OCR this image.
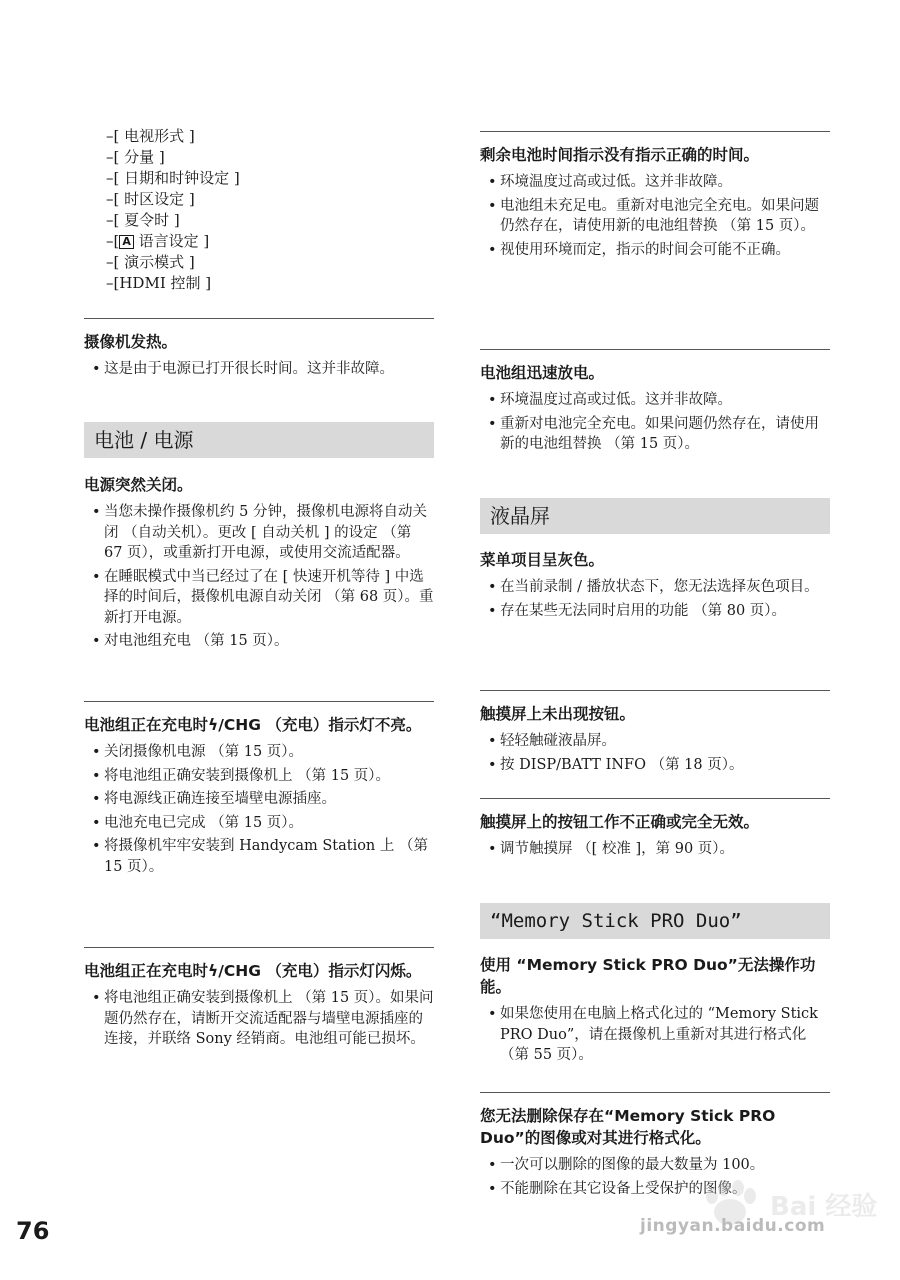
–[ 电视形式 ]
–[ 分量 ]
–[ 日期和时钟设定 ]
–[ 时区设定 ]
–[ 夏令时 ]
–[ A 语言设定 ]
–[ 演示模式 ]
–[HDMI 控制 ]

摄像机发热。

• 这是由于电源已打开很长时间。这并非故障。
电池 / 电源

电源突然关闭。

• 当您未操作摄像机约 5 分钟，摄像机电源将自动关闭 （自动关机）。更改 [ 自动关机 ] 的设定 （第 67 页），或重新打开电源，或使用交流适配器。
• 在睡眠模式中当已经过了在 [ 快速开机等待 ] 中选择的时间后，摄像机电源自动关闭 （第 68 页）。重新打开电源。
• 对电池组充电 （第 15 页）。

电池组正在充电时ϟ/CHG （充电）指示灯不亮。

• 关闭摄像机电源 （第 15 页）。
• 将电池组正确安装到摄像机上 （第 15 页）。
• 将电源线正确连接至墙壁电源插座。
• 电池充电已完成 （第 15 页）。
• 将摄像机牢牢安装到 Handycam Station 上 （第 15 页）。

电池组正在充电时ϟ/CHG （充电）指示灯闪烁。

• 将电池组正确安装到摄像机上 （第 15 页）。如果问题仍然存在，请断开交流适配器与墙壁电源插座的连接，并联络 Sony 经销商。电池组可能已损坏。

剩余电池时间指示没有指示正确的时间。

• 环境温度过高或过低。这并非故障。
• 电池组未充足电。重新对电池完全充电。如果问题仍然存在，请使用新的电池组替换 （第 15 页）。
• 视使用环境而定，指示的时间会可能不正确。

电池组迅速放电。

• 环境温度过高或过低。这并非故障。
• 重新对电池完全充电。如果问题仍然存在，请使用新的电池组替换 （第 15 页）。
液晶屏

菜单项目呈灰色。

• 在当前录制 / 播放状态下，您无法选择灰色项目。
• 存在某些无法同时启用的功能 （第 80 页）。

触摸屏上未出现按钮。

• 轻轻触碰液晶屏。
• 按 DISP/BATT INFO （第 18 页）。

触摸屏上的按钮工作不正确或完全无效。

• 调节触摸屏 （[ 校准 ]，第 90 页）。
“Memory Stick PRO Duo”

使用 “Memory Stick PRO Duo”无法操作功能。

• 如果您使用在电脑上格式化过的 “Memory Stick PRO Duo”，请在摄像机上重新对其进行格式化 （第 55 页）。

您无法删除保存在“Memory Stick PRO Duo”的图像或对其进行格式化。

• 一次可以删除的图像的最大数量为 100。
• 不能删除在其它设备上受保护的图像。
76
Bai 经验
jingyan.baidu.com
